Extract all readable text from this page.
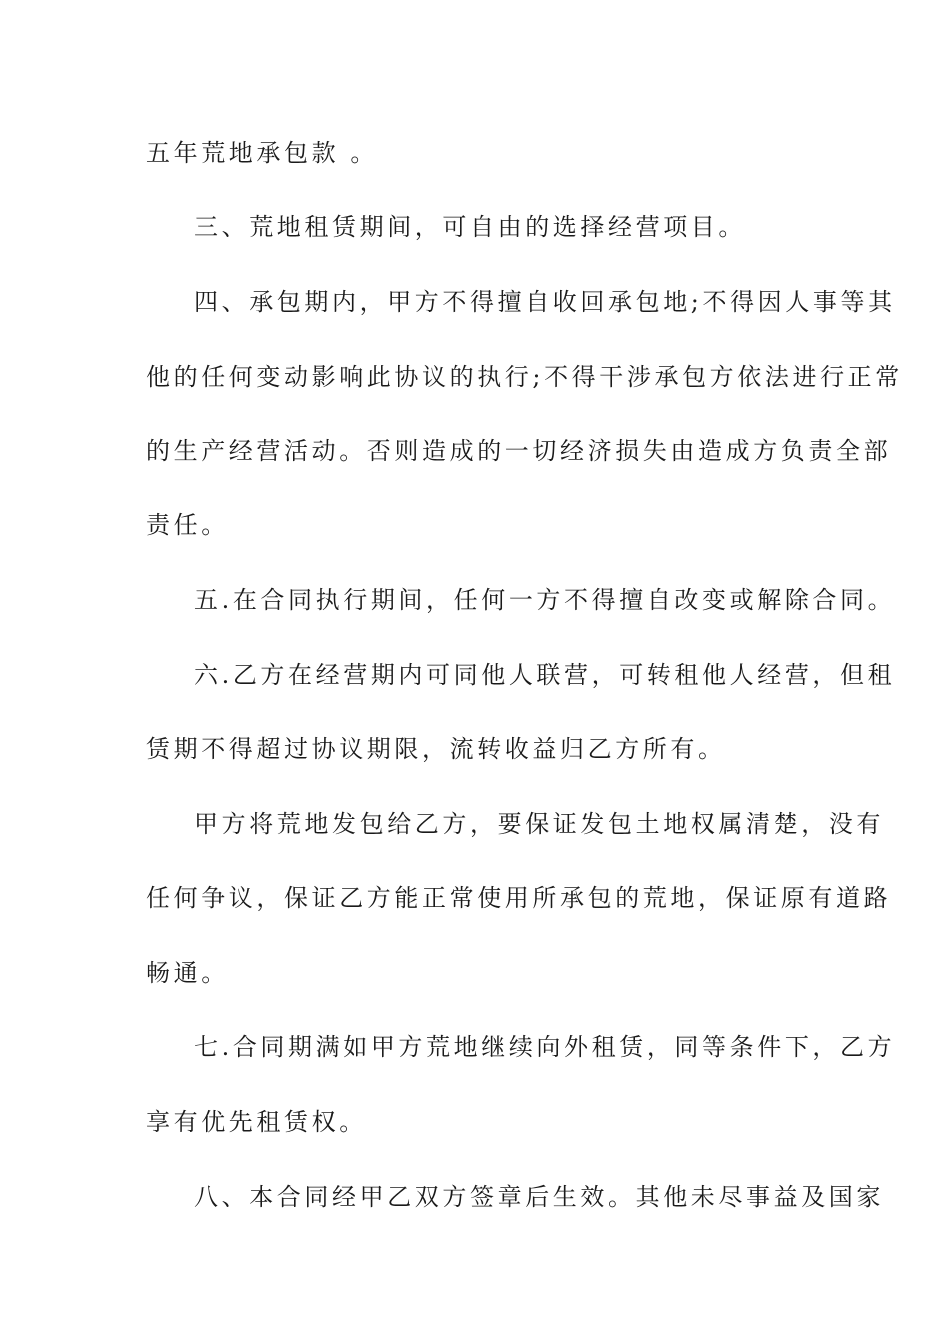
五年荒地承包款 。

三、荒地租赁期间，可自由的选择经营项目。

四、承包期内，甲方不得擅自收回承包地;不得因人事等其

他的任何变动影响此协议的执行;不得干涉承包方依法进行正常

的生产经营活动。否则造成的一切经济损失由造成方负责全部

责任。

五.在合同执行期间，任何一方不得擅自改变或解除合同。

六.乙方在经营期内可同他人联营，可转租他人经营，但租

赁期不得超过协议期限，流转收益归乙方所有。

甲方将荒地发包给乙方，要保证发包土地权属清楚，没有

任何争议，保证乙方能正常使用所承包的荒地，保证原有道路

畅通。

七.合同期满如甲方荒地继续向外租赁，同等条件下，乙方

享有优先租赁权。

八、本合同经甲乙双方签章后生效。其他未尽事益及国家
